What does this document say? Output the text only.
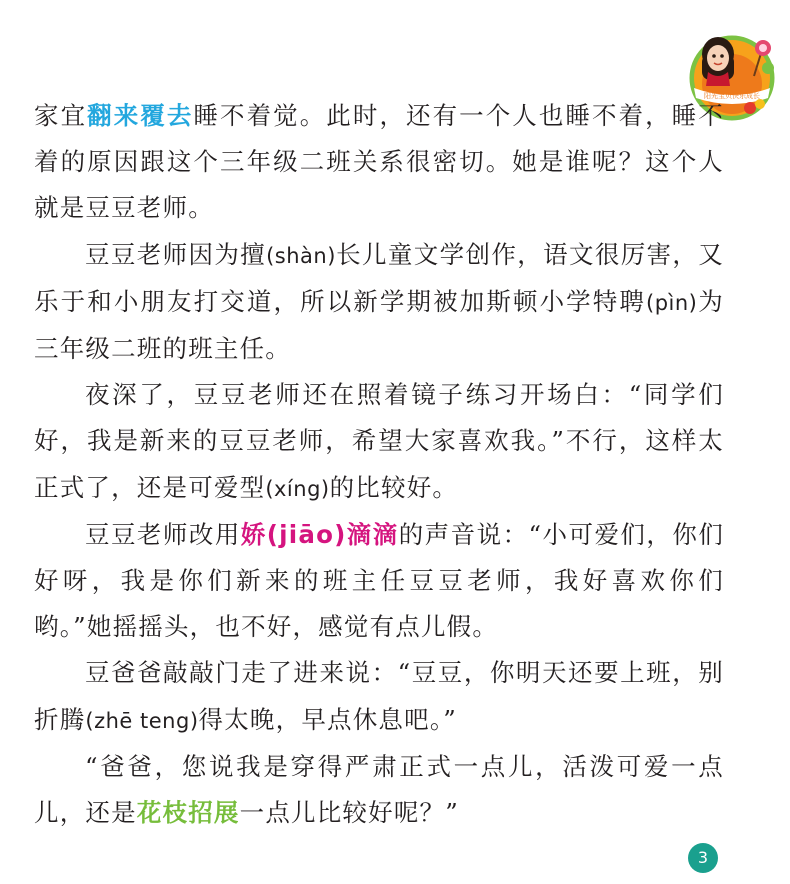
阳光宝贝快乐成长

家宜翻来覆去睡不着觉。此时，还有一个人也睡不着，睡不着的原因跟这个三年级二班关系很密切。她是谁呢？这个人就是豆豆老师。

豆豆老师因为擅(shàn)长儿童文学创作，语文很厉害，又乐于和小朋友打交道，所以新学期被加斯顿小学特聘(pìn)为三年级二班的班主任。

夜深了，豆豆老师还在照着镜子练习开场白：“同学们好，我是新来的豆豆老师，希望大家喜欢我。”不行，这样太正式了，还是可爱型(xíng)的比较好。

豆豆老师改用娇(jiāo)滴滴的声音说：“小可爱们，你们好呀，我是你们新来的班主任豆豆老师，我好喜欢你们哟。”她摇摇头，也不好，感觉有点儿假。

豆爸爸敲敲门走了进来说：“豆豆，你明天还要上班，别折腾(zhē teng)得太晚，早点休息吧。”

“爸爸，您说我是穿得严肃正式一点儿，活泼可爱一点儿，还是花枝招展一点儿比较好呢？”

3
